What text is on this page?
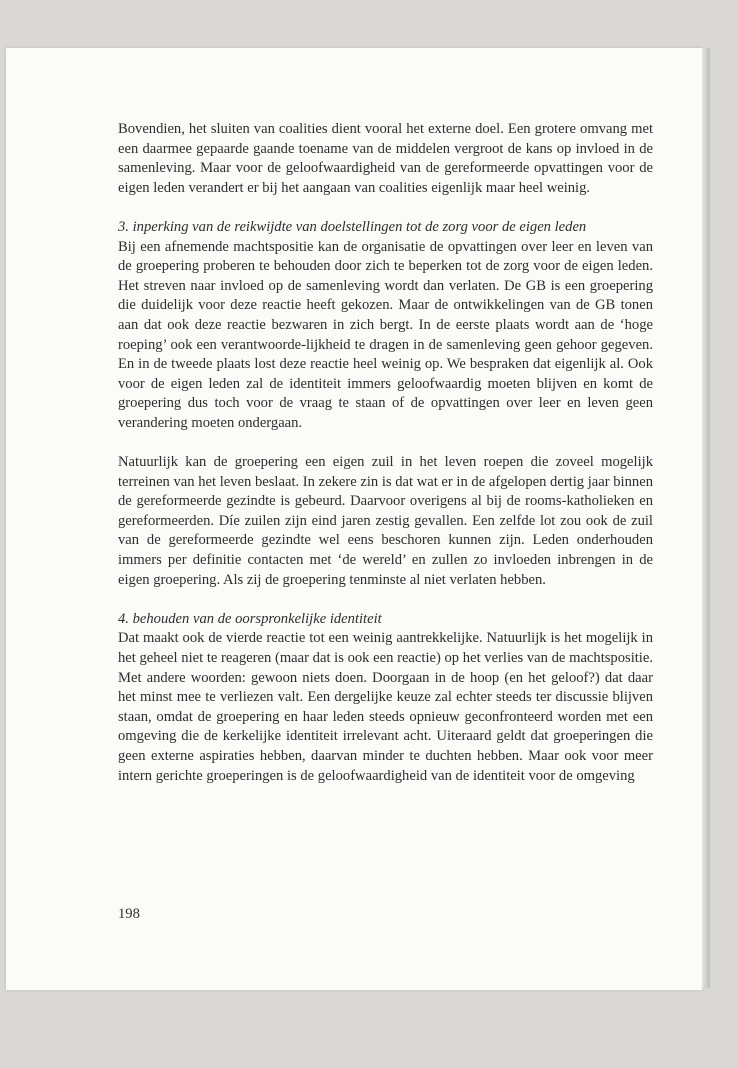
Bovendien, het sluiten van coalities dient vooral het externe doel. Een grotere omvang met een daarmee gepaarde gaande toename van de middelen vergroot de kans op invloed in de samenleving. Maar voor de geloofwaardigheid van de gereformeerde opvattingen voor de eigen leden verandert er bij het aangaan van coalities eigenlijk maar heel weinig.

3. inperking van de reikwijdte van doelstellingen tot de zorg voor de eigen leden
Bij een afnemende machtspositie kan de organisatie de opvattingen over leer en leven van de groepering proberen te behouden door zich te beperken tot de zorg voor de eigen leden. Het streven naar invloed op de samenleving wordt dan verlaten. De GB is een groepering die duidelijk voor deze reactie heeft gekozen. Maar de ontwikkelingen van de GB tonen aan dat ook deze reactie bezwaren in zich bergt. In de eerste plaats wordt aan de ‘hoge roeping’ ook een verantwoorde-lijkheid te dragen in de samenleving geen gehoor gegeven. En in de tweede plaats lost deze reactie heel weinig op. We bespraken dat eigenlijk al. Ook voor de eigen leden zal de identiteit immers geloofwaardig moeten blijven en komt de groepering dus toch voor de vraag te staan of de opvattingen over leer en leven geen verandering moeten ondergaan.

Natuurlijk kan de groepering een eigen zuil in het leven roepen die zoveel mogelijk terreinen van het leven beslaat. In zekere zin is dat wat er in de afgelopen dertig jaar binnen de gereformeerde gezindte is gebeurd. Daarvoor overigens al bij de rooms-katholieken en gereformeerden. Díe zuilen zijn eind jaren zestig gevallen. Een zelfde lot zou ook de zuil van de gereformeerde gezindte wel eens beschoren kunnen zijn. Leden onderhouden immers per definitie contacten met ‘de wereld’ en zullen zo invloeden inbrengen in de eigen groepering. Als zij de groepering tenminste al niet verlaten hebben.

4. behouden van de oorspronkelijke identiteit
Dat maakt ook de vierde reactie tot een weinig aantrekkelijke. Natuurlijk is het mogelijk in het geheel niet te reageren (maar dat is ook een reactie) op het verlies van de machtspositie. Met andere woorden: gewoon niets doen. Doorgaan in de hoop (en het geloof?) dat daar het minst mee te verliezen valt. Een dergelijke keuze zal echter steeds ter discussie blijven staan, omdat de groepering en haar leden steeds opnieuw geconfronteerd worden met een omgeving die de kerkelijke identiteit irrelevant acht. Uiteraard geldt dat groeperingen die geen externe aspiraties hebben, daarvan minder te duchten hebben. Maar ook voor meer intern gerichte groeperingen is de geloofwaardigheid van de identiteit voor de omgeving

198
